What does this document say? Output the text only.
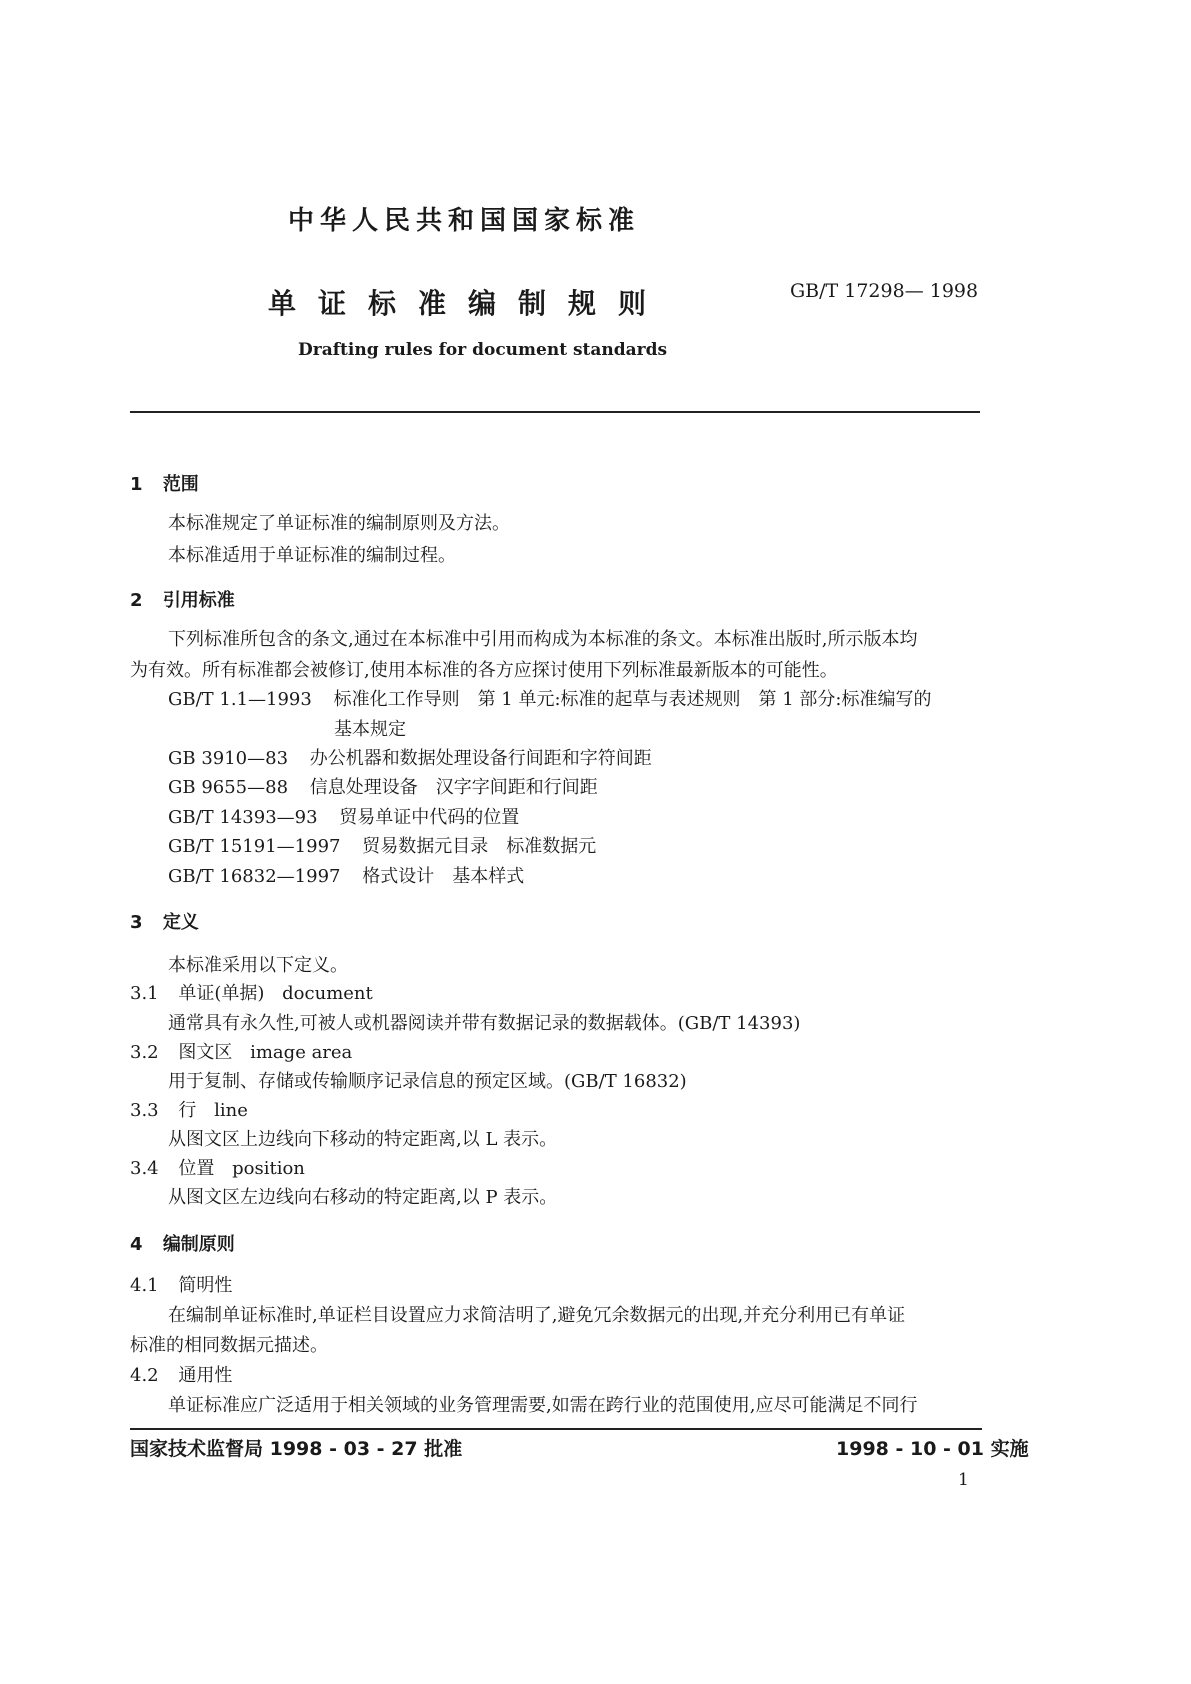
中华人民共和国国家标准
单证标准编制规则	GB/T 17298— 1998
Drafting rules for document standards
1 范围
本标准规定了单证标准的编制原则及方法。
本标准适用于单证标准的编制过程。
2 引用标准
下列标准所包含的条文,通过在本标准中引用而构成为本标准的条文。本标准出版时,所示版本均
为有效。所有标准都会被修订,使用本标准的各方应探讨使用下列标准最新版本的可能性。
GB/T 1.1—1993 标准化工作导则　第 1 单元:标准的起草与表述规则　第 1 部分:标准编写的
基本规定
GB 3910—83 办公机器和数据处理设备行间距和字符间距
GB 9655—88 信息处理设备　汉字字间距和行间距
GB/T 14393—93 贸易单证中代码的位置
GB/T 15191—1997 贸易数据元目录　标准数据元
GB/T 16832—1997 格式设计　基本样式
3 定义
本标准采用以下定义。
3.1 单证(单据) document
通常具有永久性,可被人或机器阅读并带有数据记录的数据载体。(GB/T 14393)
3.2 图文区 image area
用于复制、存储或传输顺序记录信息的预定区域。(GB/T 16832)
3.3 行 line
从图文区上边线向下移动的特定距离,以 L 表示。
3.4 位置 position
从图文区左边线向右移动的特定距离,以 P 表示。
4 编制原则
4.1 简明性
在编制单证标准时,单证栏目设置应力求简洁明了,避免冗余数据元的出现,并充分利用已有单证
标准的相同数据元描述。
4.2 通用性
单证标准应广泛适用于相关领域的业务管理需要,如需在跨行业的范围使用,应尽可能满足不同行
国家技术监督局 1998 - 03 - 27 批准	1998 - 10 - 01 实施
1
